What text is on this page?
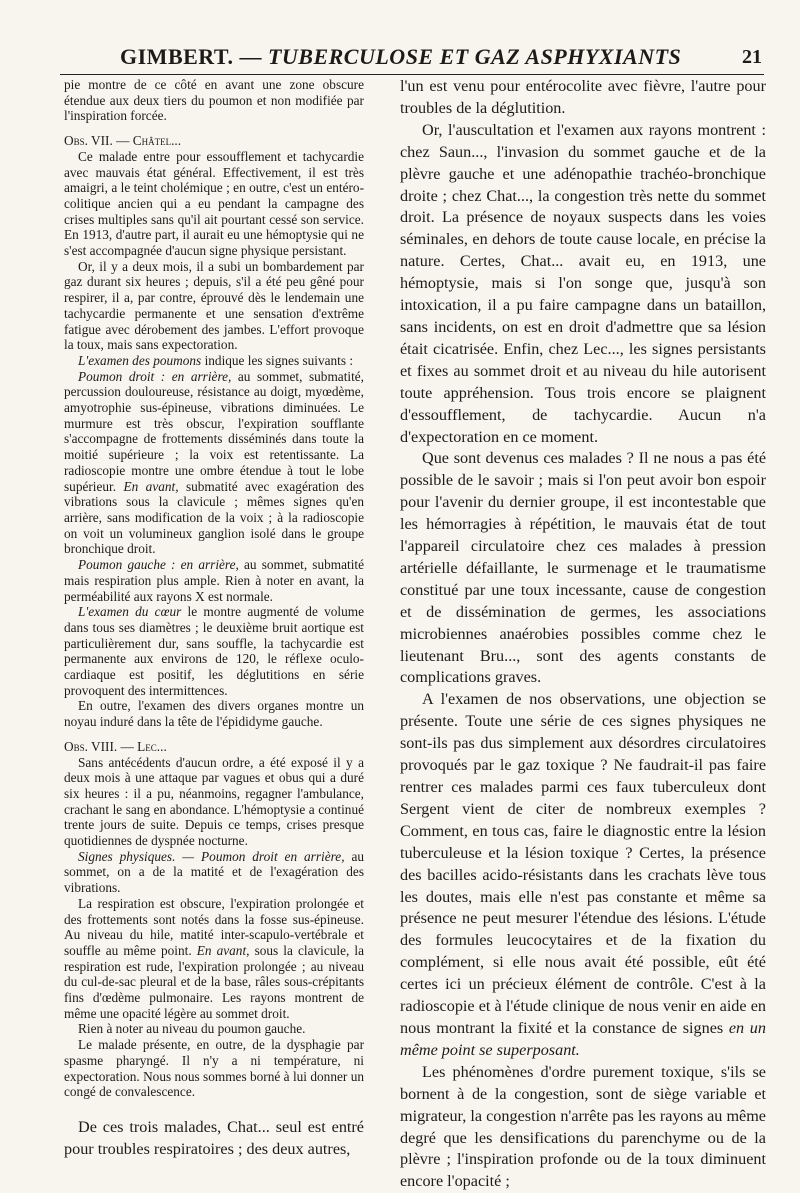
GIMBERT. — TUBERCULOSE ET GAZ ASPHYXIANTS	21

pie montre de ce côté en avant une zone obscure étendue aux deux tiers du poumon et non modifiée par l'inspiration forcée.

Obs. VII. — Châtel...

Ce malade entre pour essoufflement et tachycardie avec mauvais état général. Effectivement, il est très amaigri, a le teint cholémique ; en outre, c'est un entéro-colitique ancien qui a eu pendant la campagne des crises multiples sans qu'il ait pourtant cessé son service. En 1913, d'autre part, il aurait eu une hémoptysie qui ne s'est accompagnée d'aucun signe physique persistant.

Or, il y a deux mois, il a subi un bombardement par gaz durant six heures ; depuis, s'il a été peu gêné pour respirer, il a, par contre, éprouvé dès le lendemain une tachycardie permanente et une sensation d'extrême fatigue avec dérobement des jambes. L'effort provoque la toux, mais sans expectoration.

L'examen des poumons indique les signes suivants :

Poumon droit : en arrière, au sommet, submatité, percussion douloureuse, résistance au doigt, myœdème, amyotrophie sus-épineuse, vibrations diminuées. Le murmure est très obscur, l'expiration soufflante s'accompagne de frottements disséminés dans toute la moitié supérieure ; la voix est retentissante. La radioscopie montre une ombre étendue à tout le lobe supérieur. En avant, submatité avec exagération des vibrations sous la clavicule ; mêmes signes qu'en arrière, sans modification de la voix ; à la radioscopie on voit un volumineux ganglion isolé dans le groupe bronchique droit.

Poumon gauche : en arrière, au sommet, submatité mais respiration plus ample. Rien à noter en avant, la perméabilité aux rayons X est normale.

L'examen du cœur le montre augmenté de volume dans tous ses diamètres ; le deuxième bruit aortique est particulièrement dur, sans souffle, la tachycardie est permanente aux environs de 120, le réflexe oculo-cardiaque est positif, les déglutitions en série provoquent des intermittences.

En outre, l'examen des divers organes montre un noyau induré dans la tête de l'épididyme gauche.

Obs. VIII. — Lec...

Sans antécédents d'aucun ordre, a été exposé il y a deux mois à une attaque par vagues et obus qui a duré six heures : il a pu, néanmoins, regagner l'ambulance, crachant le sang en abondance. L'hémoptysie a continué trente jours de suite. Depuis ce temps, crises presque quotidiennes de dyspnée nocturne.

Signes physiques. — Poumon droit en arrière, au sommet, on a de la matité et de l'exagération des vibrations.

La respiration est obscure, l'expiration prolongée et des frottements sont notés dans la fosse sus-épineuse. Au niveau du hile, matité inter-scapulo-vertébrale et souffle au même point. En avant, sous la clavicule, la respiration est rude, l'expiration prolongée ; au niveau du cul-de-sac pleural et de la base, râles sous-crépitants fins d'œdème pulmonaire. Les rayons montrent de même une opacité légère au sommet droit.

Rien à noter au niveau du poumon gauche.

Le malade présente, en outre, de la dysphagie par spasme pharyngé. Il n'y a ni température, ni expectoration. Nous nous sommes borné à lui donner un congé de convalescence.

De ces trois malades, Chat... seul est entré pour troubles respiratoires ; des deux autres,

l'un est venu pour entérocolite avec fièvre, l'autre pour troubles de la déglutition.

Or, l'auscultation et l'examen aux rayons montrent : chez Saun..., l'invasion du sommet gauche et de la plèvre gauche et une adénopathie trachéo-bronchique droite ; chez Chat..., la congestion très nette du sommet droit. La présence de noyaux suspects dans les voies séminales, en dehors de toute cause locale, en précise la nature. Certes, Chat... avait eu, en 1913, une hémoptysie, mais si l'on songe que, jusqu'à son intoxication, il a pu faire campagne dans un bataillon, sans incidents, on est en droit d'admettre que sa lésion était cicatrisée. Enfin, chez Lec..., les signes persistants et fixes au sommet droit et au niveau du hile autorisent toute appréhension. Tous trois encore se plaignent d'essoufflement, de tachycardie. Aucun n'a d'expectoration en ce moment.

Que sont devenus ces malades ? Il ne nous a pas été possible de le savoir ; mais si l'on peut avoir bon espoir pour l'avenir du dernier groupe, il est incontestable que les hémorragies à répétition, le mauvais état de tout l'appareil circulatoire chez ces malades à pression artérielle défaillante, le surmenage et le traumatisme constitué par une toux incessante, cause de congestion et de dissémination de germes, les associations microbiennes anaérobies possibles comme chez le lieutenant Bru..., sont des agents constants de complications graves.

A l'examen de nos observations, une objection se présente. Toute une série de ces signes physiques ne sont-ils pas dus simplement aux désordres circulatoires provoqués par le gaz toxique ? Ne faudrait-il pas faire rentrer ces malades parmi ces faux tuberculeux dont Sergent vient de citer de nombreux exemples ? Comment, en tous cas, faire le diagnostic entre la lésion tuberculeuse et la lésion toxique ? Certes, la présence des bacilles acido-résistants dans les crachats lève tous les doutes, mais elle n'est pas constante et même sa présence ne peut mesurer l'étendue des lésions. L'étude des formules leucocytaires et de la fixation du complément, si elle nous avait été possible, eût été certes ici un précieux élément de contrôle. C'est à la radioscopie et à l'étude clinique de nous venir en aide en nous montrant la fixité et la constance de signes en un même point se superposant.

Les phénomènes d'ordre purement toxique, s'ils se bornent à de la congestion, sont de siège variable et migrateur, la congestion n'arrête pas les rayons au même degré que les densifications du parenchyme ou de la plèvre ; l'inspiration profonde ou de la toux diminuent encore l'opacité ;
